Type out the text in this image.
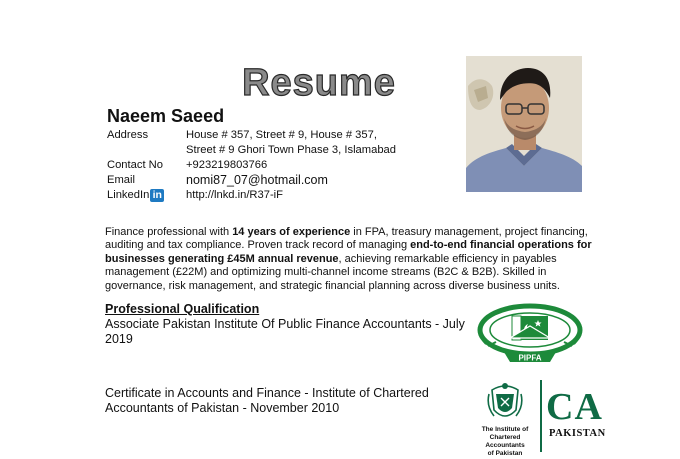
Resume
Naeem Saeed
Address	House # 357, Street # 9, House # 357,
Street # 9 Ghori Town Phase 3, Islamabad
Contact No	+923219803766
Email	nomi87_07@hotmail.com
LinkedIn in http://lnkd.in/R37-iF
Finance professional with 14 years of experience in FPA, treasury management, project financing, auditing and tax compliance. Proven track record of managing end-to-end financial operations for businesses generating £45M annual revenue, achieving remarkable efficiency in payables management (£22M) and optimizing multi-channel income streams (B2C & B2B). Skilled in governance, risk management, and strategic financial planning across diverse business units.
Professional Qualification
Associate Pakistan Institute Of Public Finance Accountants - July 2019
Certificate in Accounts and Finance - Institute of Chartered Accountants of Pakistan - November 2010
PIPFA
The Institute of
Chartered Accountants
of Pakistan
CA
PAKISTAN
